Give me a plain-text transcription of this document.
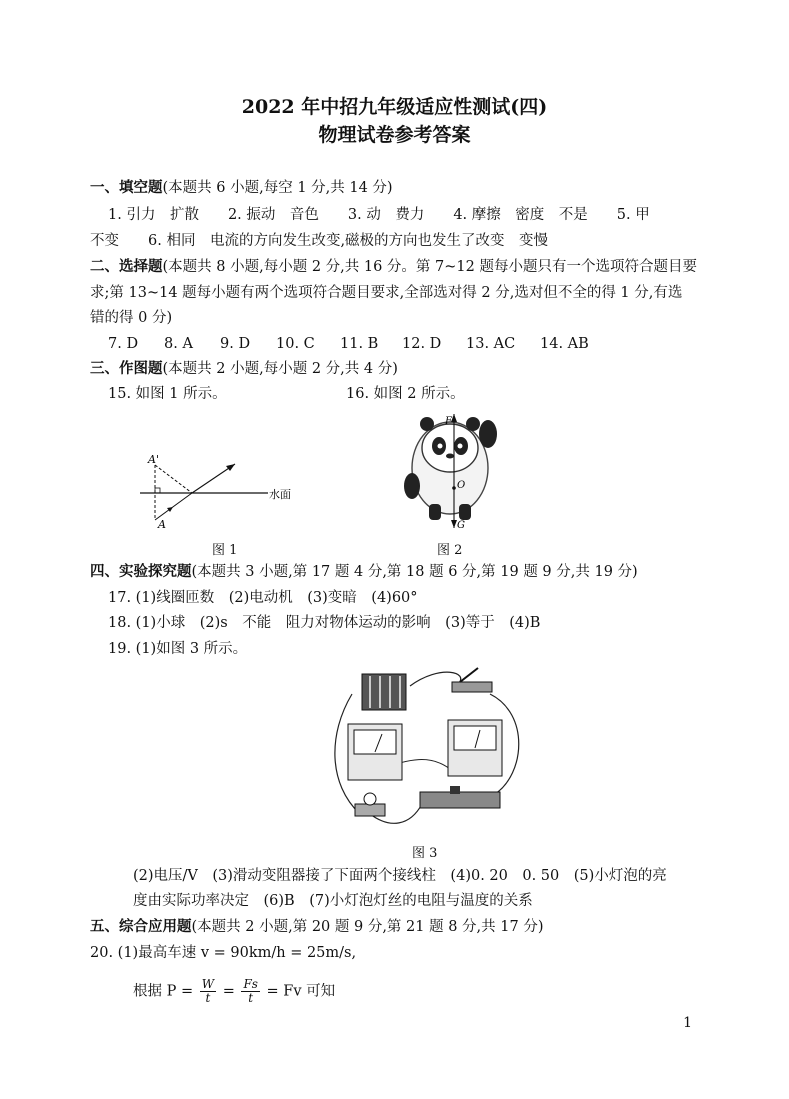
2022 年中招九年级适应性测试(四)
物理试卷参考答案
一、填空题(本题共 6 小题,每空 1 分,共 14 分)
1. 引力　扩散　　2. 振动　音色　　3. 动　费力　　4. 摩擦　密度　不是　　5. 甲
不变　　6. 相同　电流的方向发生改变,磁极的方向也发生了改变　变慢
二、选择题(本题共 8 小题,每小题 2 分,共 16 分。第 7~12 题每小题只有一个选项符合题目要
求;第 13~14 题每小题有两个选项符合题目要求,全部选对得 2 分,选对但不全的得 1 分,有选
错的得 0 分)
7. D 8. A 9. D 10. C 11. B 12. D 13. AC 14. AB
三、作图题(本题共 2 小题,每小题 2 分,共 4 分)
15. 如图 1 所示。	16. 如图 2 所示。
A'
A
水面
图 1
F
O
G
图 2
四、实验探究题(本题共 3 小题,第 17 题 4 分,第 18 题 6 分,第 19 题 9 分,共 19 分)
17. (1)线圈匝数　(2)电动机　(3)变暗　(4)60°
18. (1)小球　(2)s　不能　阻力对物体运动的影响　(3)等于　(4)B
19. (1)如图 3 所示。
图 3
(2)电压/V　(3)滑动变阻器接了下面两个接线柱　(4)0. 20　0. 50　(5)小灯泡的亮
度由实际功率决定　(6)B　(7)小灯泡灯丝的电阻与温度的关系
五、综合应用题(本题共 2 小题,第 20 题 9 分,第 21 题 8 分,共 17 分)
20. (1)最高车速 v = 90km/h = 25m/s,
根据 $P = \frac{W}{t} = \frac{Fs}{t} = Fv$ 可知
1
